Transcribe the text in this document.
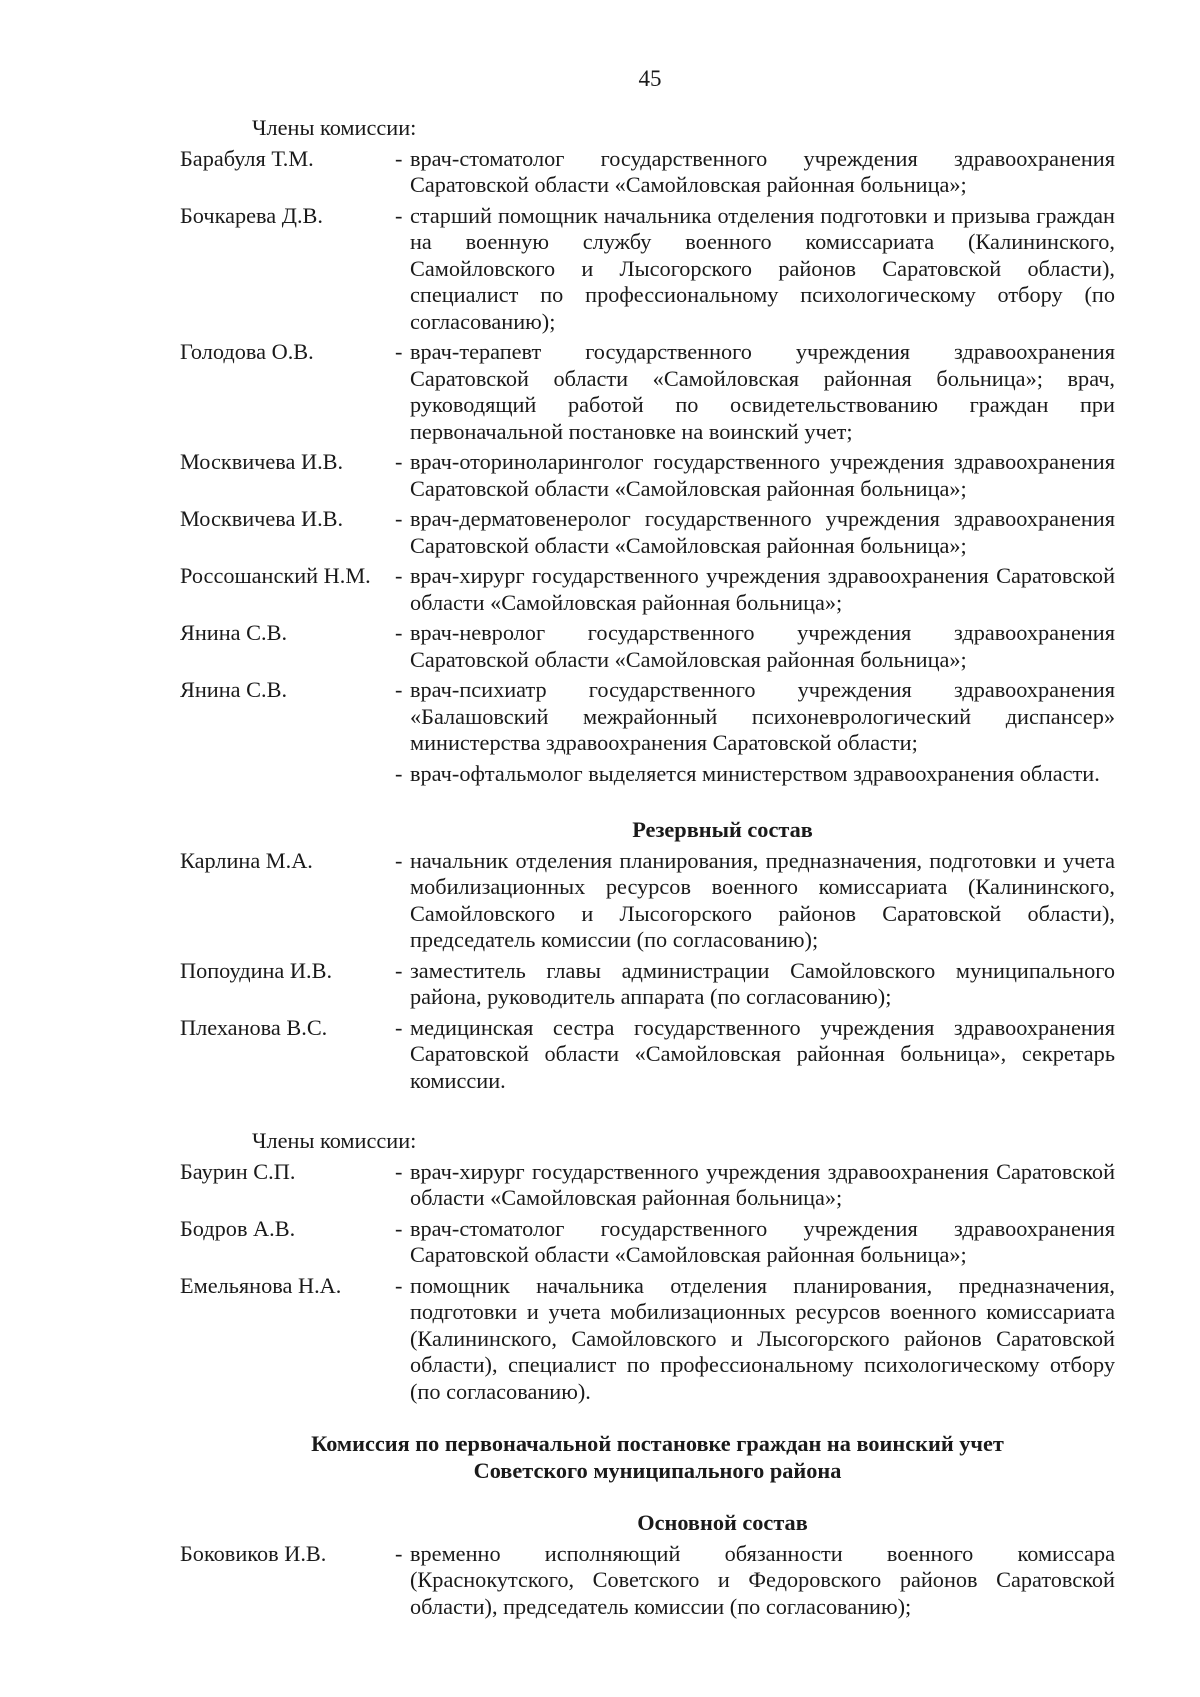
45

Члены комиссии:

Барабуля Т.М.	- врач-стоматолог государственного учреждения здравоохранения Саратовской области «Самойловская районная больница»;
Бочкарева Д.В.	- старший помощник начальника отделения подготовки и призыва граждан на военную службу военного комиссариата (Калининского, Самойловского и Лысогорского районов Саратовской области), специалист по профессиональному психологическому отбору (по согласованию);
Голодова О.В.	- врач-терапевт государственного учреждения здравоохранения Саратовской области «Самойловская районная больница»; врач, руководящий работой по освидетельствованию граждан при первоначальной постановке на воинский учет;
Москвичева И.В.	- врач-оториноларинголог государственного учреждения здравоохранения Саратовской области «Самойловская районная больница»;
Москвичева И.В.	- врач-дерматовенеролог государственного учреждения здравоохранения Саратовской области «Самойловская районная больница»;
Россошанский Н.М.	- врач-хирург государственного учреждения здравоохранения Саратовской области «Самойловская районная больница»;
Янина С.В.	- врач-невролог государственного учреждения здравоохранения Саратовской области «Самойловская районная больница»;
Янина С.В.	- врач-психиатр государственного учреждения здравоохранения «Балашовский межрайонный психоневрологический диспансер» министерства здравоохранения Саратовской области;
- врач-офтальмолог выделяется министерством здравоохранения области.

Резервный состав

Карлина М.А.	- начальник отделения планирования, предназначения, подготовки и учета мобилизационных ресурсов военного комиссариата (Калининского, Самойловского и Лысогорского районов Саратовской области), председатель комиссии (по согласованию);
Попоудина И.В.	- заместитель главы администрации Самойловского муниципального района, руководитель аппарата (по согласованию);
Плеханова В.С.	- медицинская сестра государственного учреждения здравоохранения Саратовской области «Самойловская районная больница», секретарь комиссии.

Члены комиссии:

Баурин С.П.	- врач-хирург государственного учреждения здравоохранения Саратовской области «Самойловская районная больница»;
Бодров А.В.	- врач-стоматолог государственного учреждения здравоохранения Саратовской области «Самойловская районная больница»;
Емельянова Н.А.	- помощник начальника отделения планирования, предназначения, подготовки и учета мобилизационных ресурсов военного комиссариата (Калининского, Самойловского и Лысогорского районов Саратовской области), специалист по профессиональному психологическому отбору (по согласованию).

Комиссия по первоначальной постановке граждан на воинский учет

Советского муниципального района

Основной состав

Боковиков И.В.	- временно исполняющий обязанности военного комиссара (Краснокутского, Советского и Федоровского районов Саратовской области), председатель комиссии (по согласованию);
